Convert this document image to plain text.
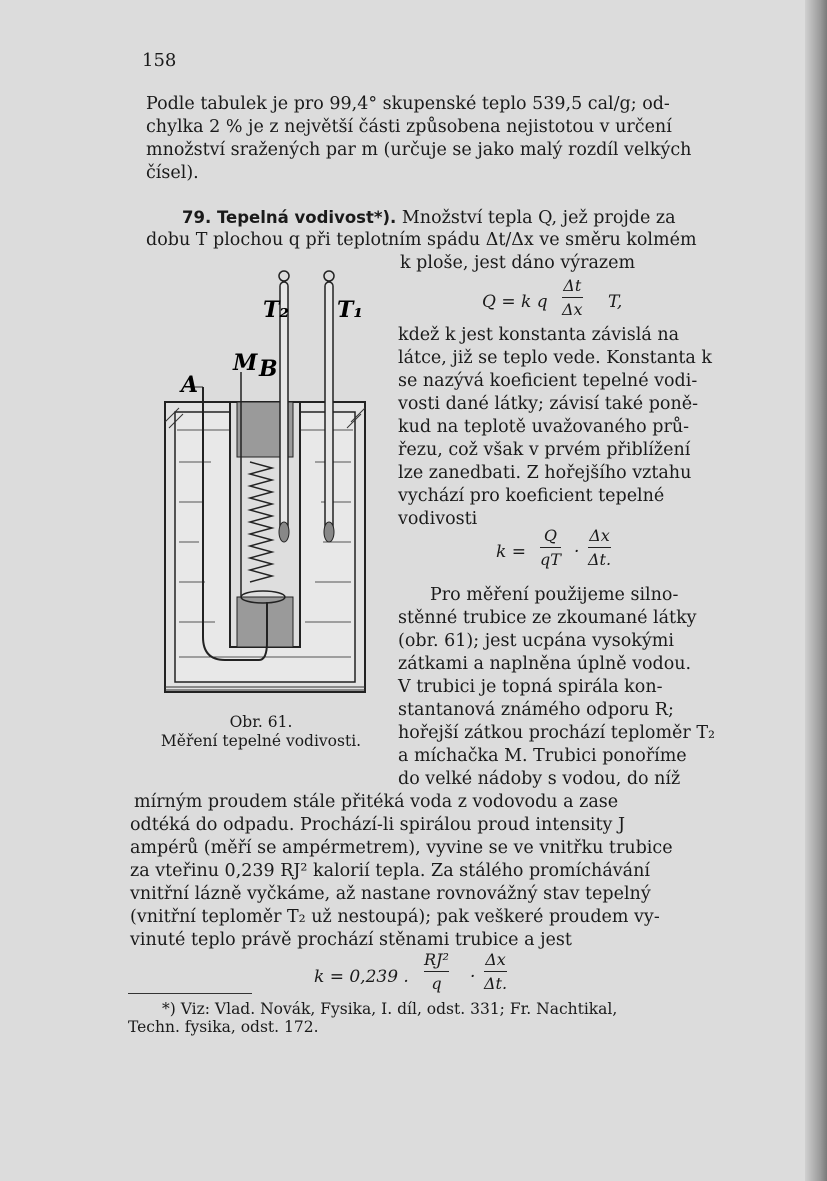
158
Podle tabulek je pro 99,4° skupenské teplo 539,5 cal/g; od-
chylka 2 % je z největší části způsobena nejistotou v určení
množství sražených par m (určuje se jako malý rozdíl velkých
čísel).
79. Tepelná vodivost*). Množství tepla Q, jež projde za
dobu T plochou q při teplotním spádu Δt/Δx ve směru kolmém
k ploše, jest dáno výrazem
Q = k q
Δt
Δx T,
kdež k jest konstanta závislá na
látce, již se teplo vede. Konstanta k
se nazývá koeficient tepelné vodi-
vosti dané látky; závisí také poně-
kud na teplotě uvažovaného prů-
řezu, což však v prvém přiblížení
lze zanedbati. Z hořejšího vztahu
vychází pro koeficient tepelné
vodivosti
k =
Q
qT ·
Δx
Δt.
Pro měření použijeme silno-
stěnné trubice ze zkoumané látky
(obr. 61); jest ucpána vysokými
zátkami a naplněna úplně vodou.
V trubici je topná spirála kon-
stantanová známého odporu R;
hořejší zátkou prochází teploměr T₂
a míchačka M. Trubici ponoříme
do velké nádoby s vodou, do níž
T₂ T₁
M B
A
Obr. 61.
Měření tepelné vodivosti.
mírným proudem stále přitéká voda z vodovodu a zase
odtéká do odpadu. Prochází-li spirálou proud intensity J
ampérů (měří se ampérmetrem), vyvine se ve vnitřku trubice
za vteřinu 0,239 RJ² kalorií tepla. Za stálého promíchávání
vnitřní lázně vyčkáme, až nastane rovnovážný stav tepelný
(vnitřní teploměr T₂ už nestoupá); pak veškeré proudem vy-
vinuté teplo právě prochází stěnami trubice a jest
k = 0,239 .
RJ²
q ·
Δx
Δt.
*) Viz: Vlad. Novák, Fysika, I. díl, odst. 331; Fr. Nachtikal,
Techn. fysika, odst. 172.
